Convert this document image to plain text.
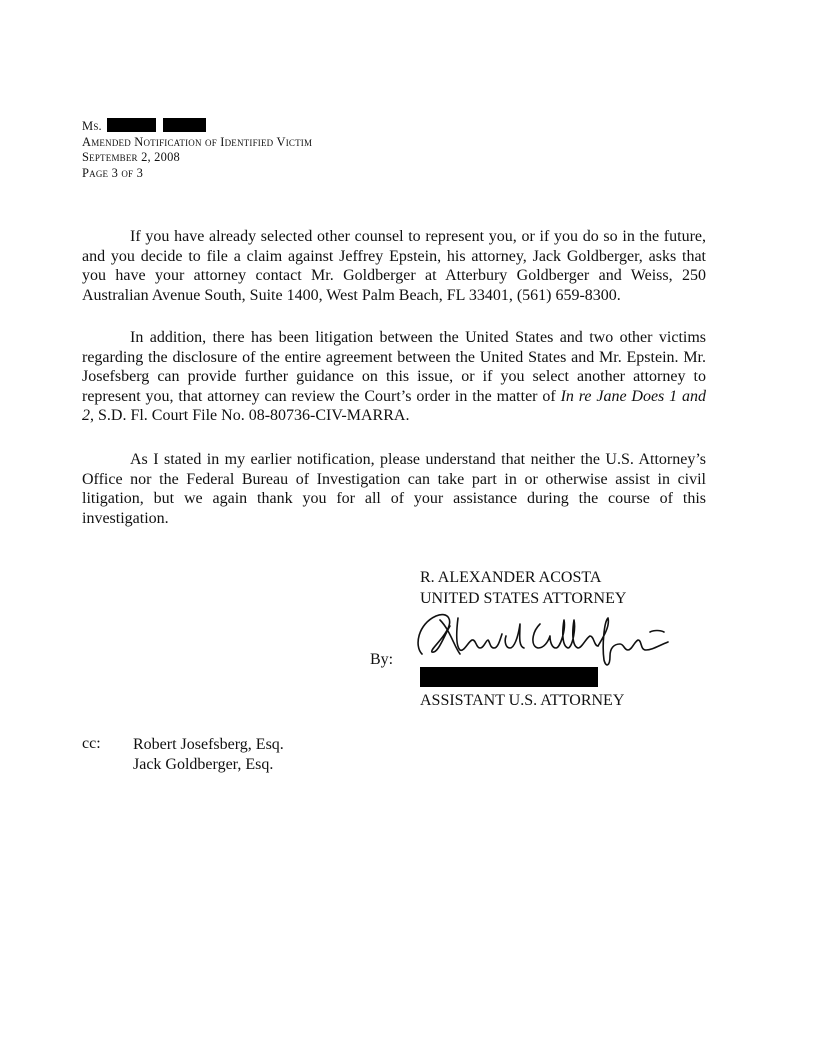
Ms.
Amended Notification of Identified Victim
September 2, 2008
Page 3 of 3

If you have already selected other counsel to represent you, or if you do so in the future, and you decide to file a claim against Jeffrey Epstein, his attorney, Jack Goldberger, asks that you have your attorney contact Mr. Goldberger at Atterbury Goldberger and Weiss, 250 Australian Avenue South, Suite 1400, West Palm Beach, FL 33401, (561) 659-8300.

In addition, there has been litigation between the United States and two other victims regarding the disclosure of the entire agreement between the United States and Mr. Epstein. Mr. Josefsberg can provide further guidance on this issue, or if you select another attorney to represent you, that attorney can review the Court’s order in the matter of In re Jane Does 1 and 2, S.D. Fl. Court File No. 08-80736-CIV-MARRA.

As I stated in my earlier notification, please understand that neither the U.S. Attorney’s Office nor the Federal Bureau of Investigation can take part in or otherwise assist in civil litigation, but we again thank you for all of your assistance during the course of this investigation.

R. ALEXANDER ACOSTA
UNITED STATES ATTORNEY
By:
ASSISTANT U.S. ATTORNEY
cc: Robert Josefsberg, Esq.
Jack Goldberger, Esq.
